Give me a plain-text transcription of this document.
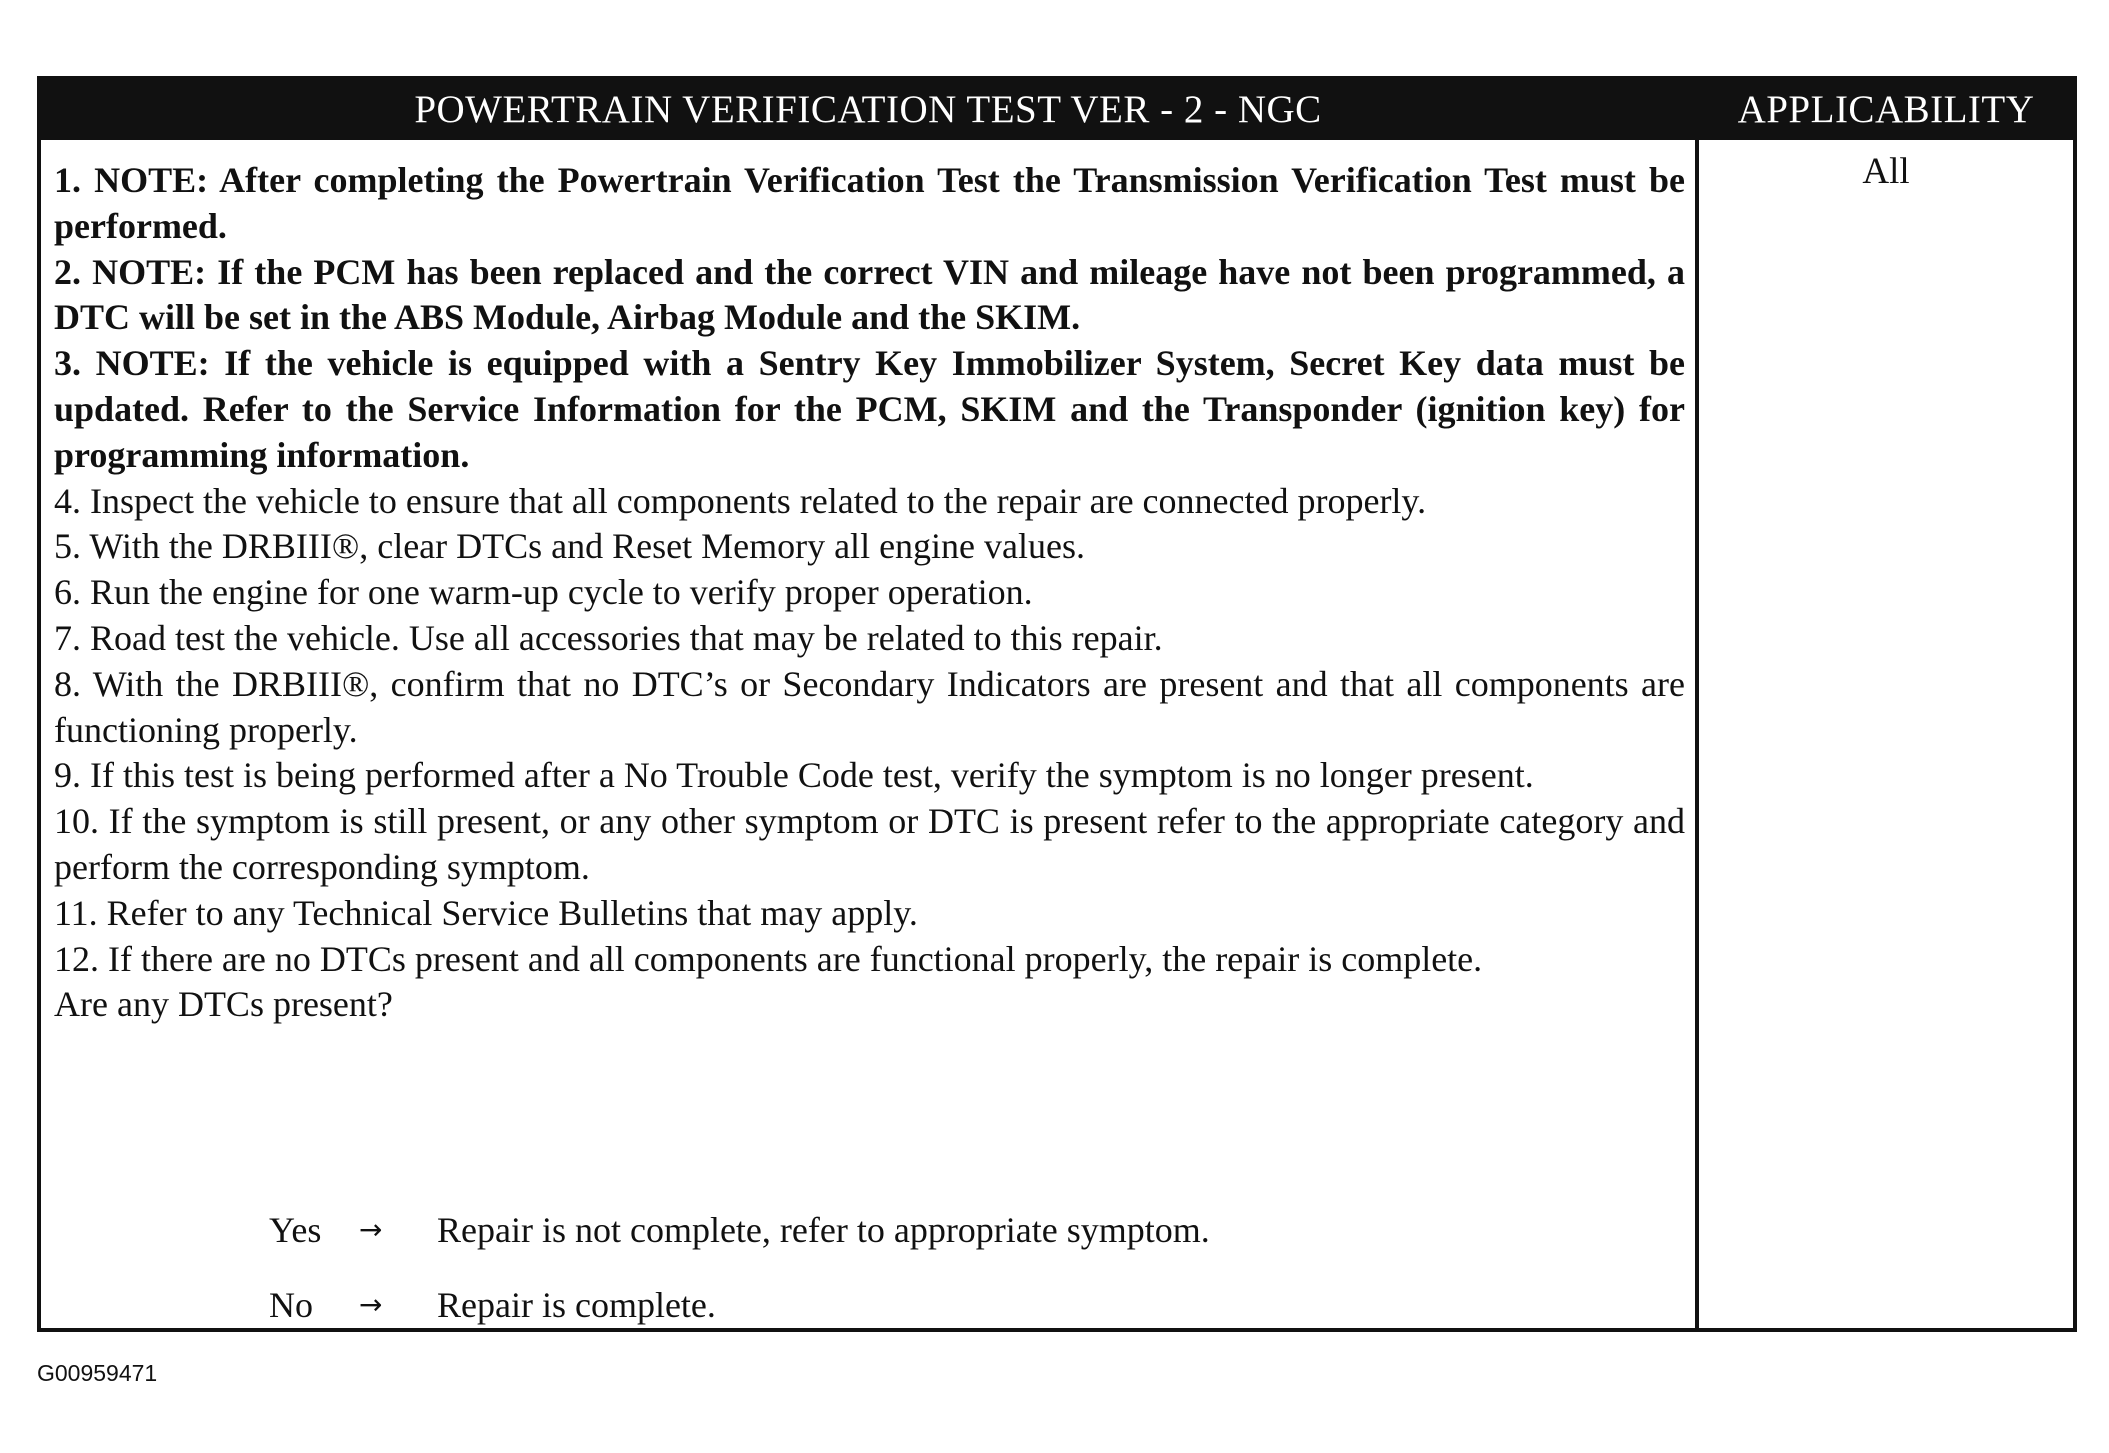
POWERTRAIN VERIFICATION TEST VER - 2 - NGC	APPLICABILITY

1. NOTE: After completing the Powertrain Verification Test the Transmission Verification Test must be performed.

2. NOTE: If the PCM has been replaced and the correct VIN and mileage have not been programmed, a DTC will be set in the ABS Module, Airbag Module and the SKIM.

3. NOTE: If the vehicle is equipped with a Sentry Key Immobilizer System, Secret Key data must be updated. Refer to the Service Information for the PCM, SKIM and the Transponder (ignition key) for programming information.

4. Inspect the vehicle to ensure that all components related to the repair are connected properly.

5. With the DRBIII®, clear DTCs and Reset Memory all engine values.

6. Run the engine for one warm-up cycle to verify proper operation.

7. Road test the vehicle. Use all accessories that may be related to this repair.

8. With the DRBIII®, confirm that no DTC’s or Secondary Indicators are present and that all components are functioning properly.

9. If this test is being performed after a No Trouble Code test, verify the symptom is no longer present.

10. If the symptom is still present, or any other symptom or DTC is present refer to the appropriate category and perform the corresponding symptom.

11. Refer to any Technical Service Bulletins that may apply.

12. If there are no DTCs present and all components are functional properly, the repair is complete.

Are any DTCs present?

Yes	→	Repair is not complete, refer to appropriate symptom.
No	→	Repair is complete.
All
G00959471
